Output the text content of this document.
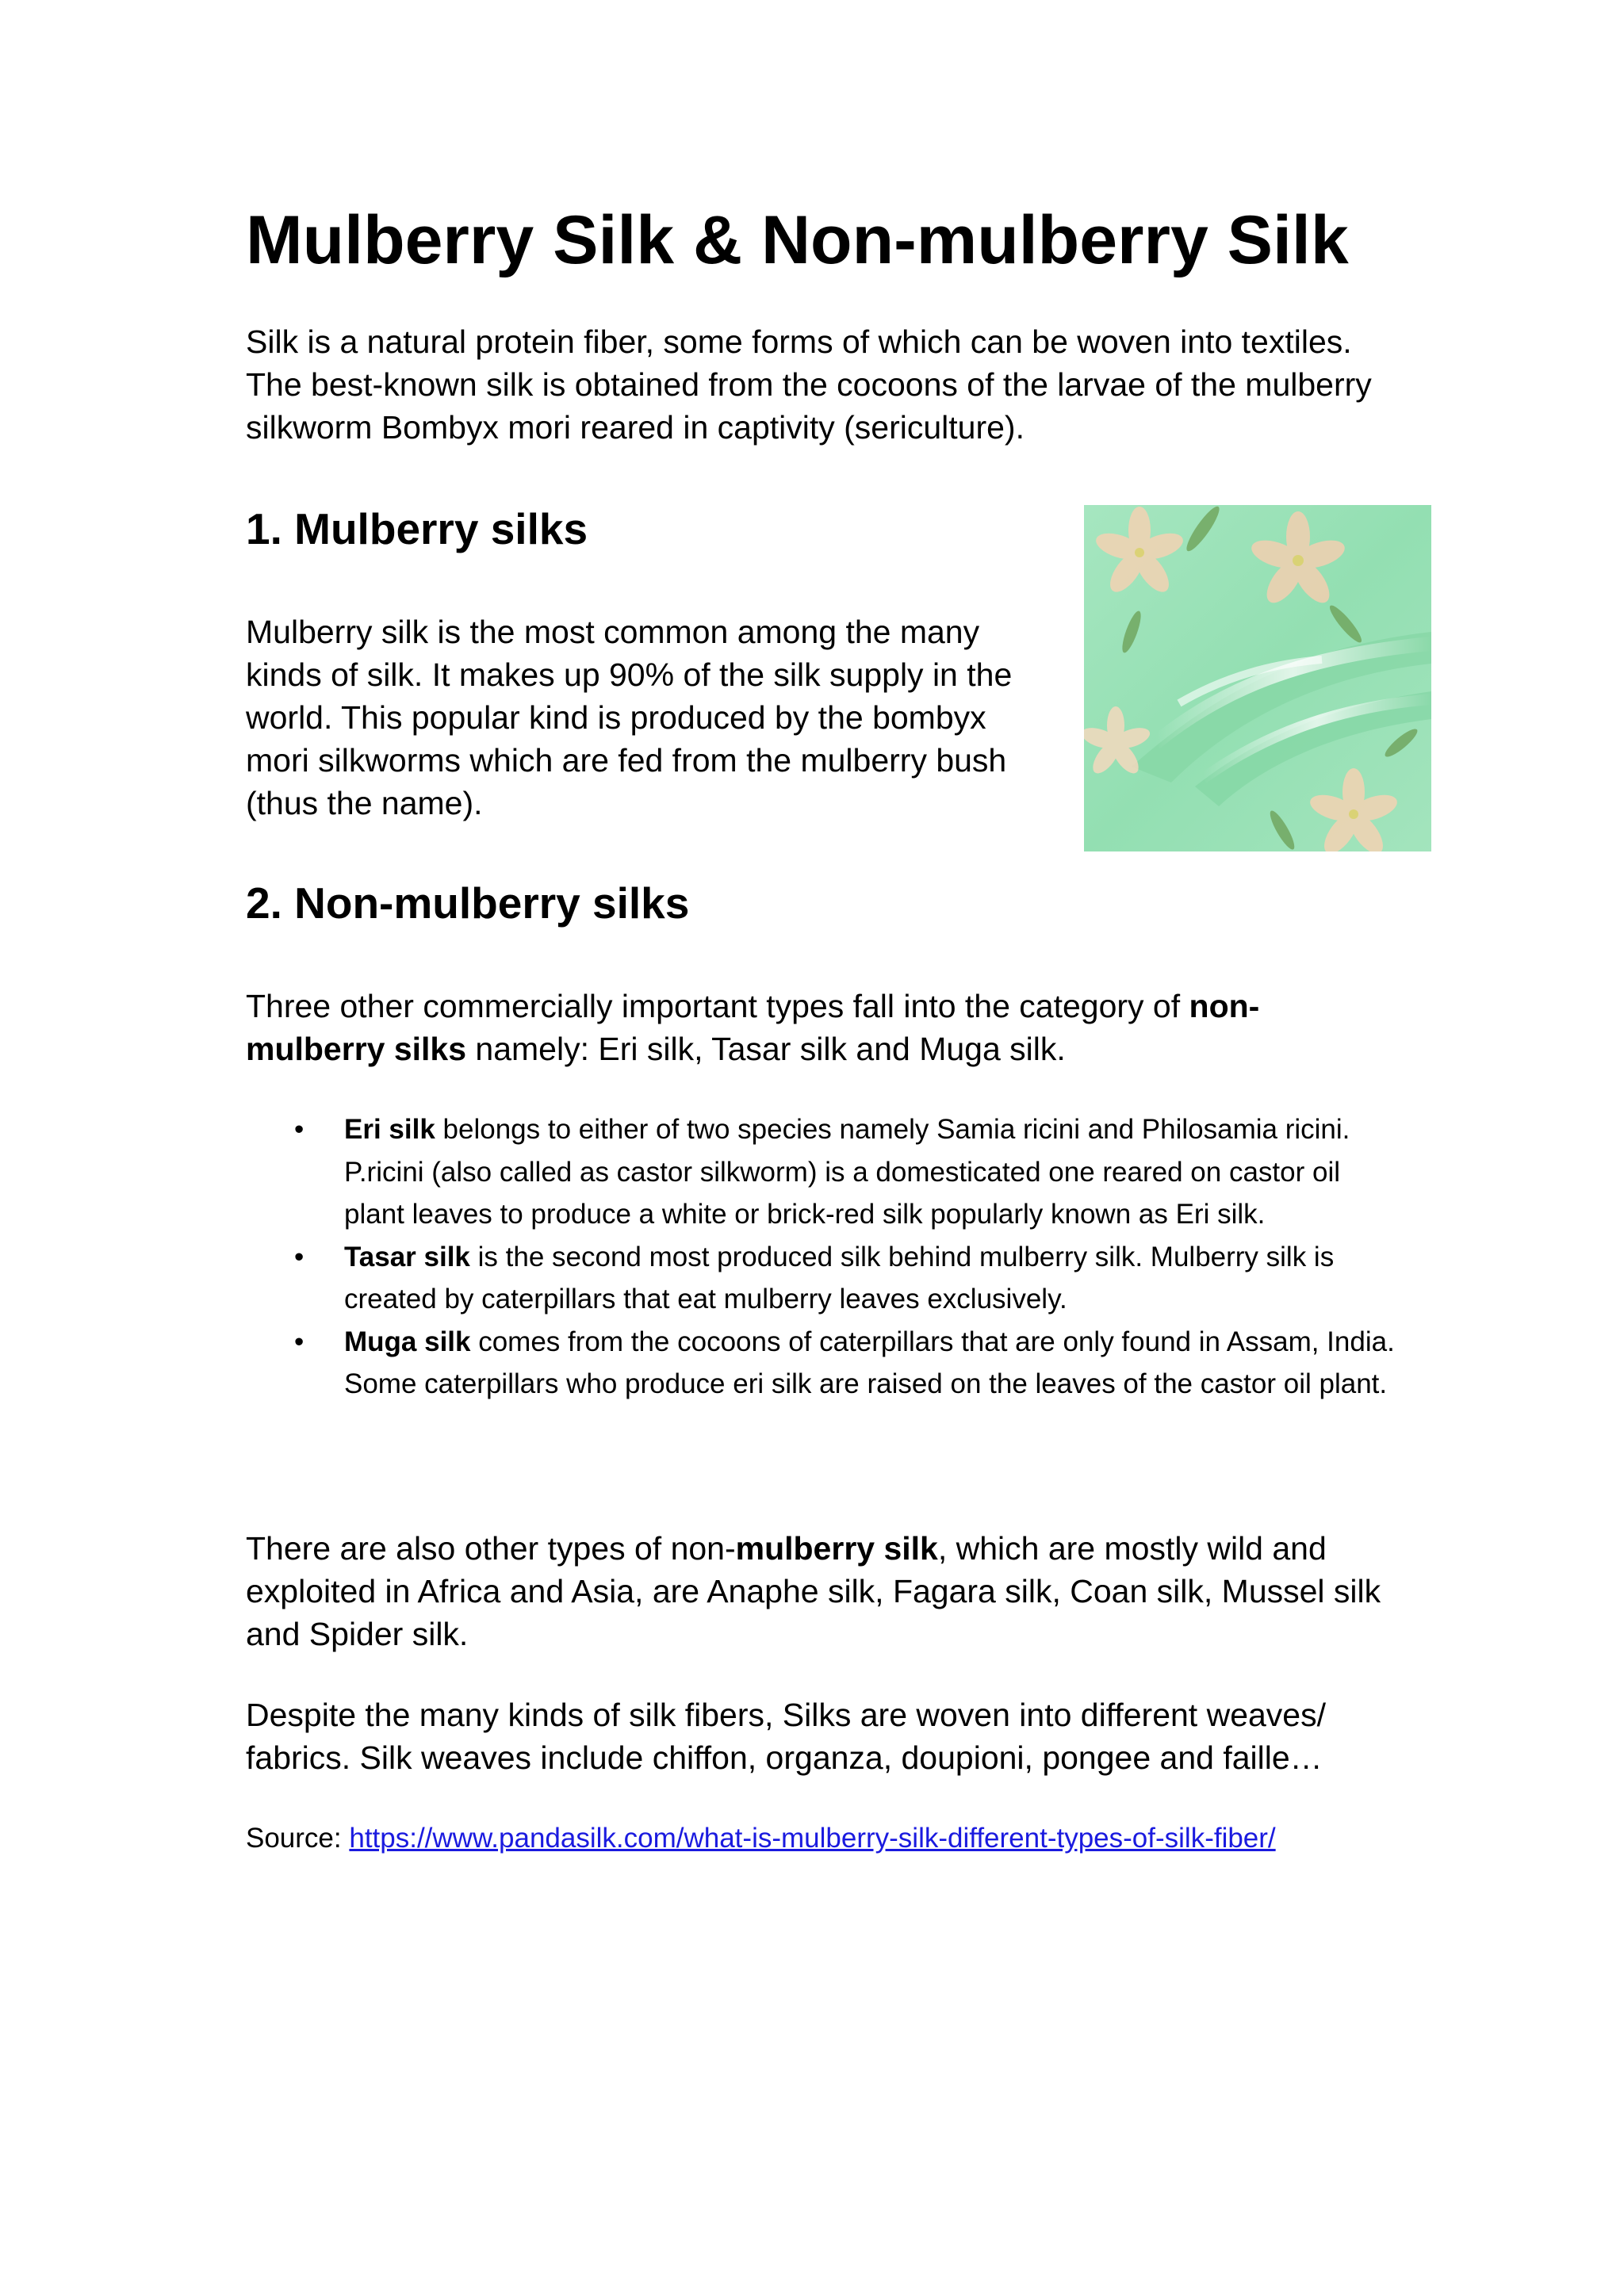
Mulberry Silk & Non-mulberry Silk

Silk is a natural protein fiber, some forms of which can be woven into textiles. The best-known silk is obtained from the cocoons of the larvae of the mulberry silkworm Bombyx mori reared in captivity (sericulture).

1. Mulberry silks

Mulberry silk is the most common among the many kinds of silk. It makes up 90% of the silk supply in the world. This popular kind is produced by the bombyx mori silkworms which are fed from the mulberry bush (thus the name).

2. Non-mulberry silks

Three other commercially important types fall into the category of non-mulberry silks namely: Eri silk, Tasar silk and Muga silk.

• Eri silk belongs to either of two species namely Samia ricini and Philosamia ricini. P.ricini (also called as castor silkworm) is a domesticated one reared on castor oil plant leaves to produce a white or brick-red silk popularly known as Eri silk.
• Tasar silk is the second most produced silk behind mulberry silk. Mulberry silk is created by caterpillars that eat mulberry leaves exclusively.
• Muga silk comes from the cocoons of caterpillars that are only found in Assam, India. Some caterpillars who produce eri silk are raised on the leaves of the castor oil plant.

There are also other types of non-mulberry silk, which are mostly wild and exploited in Africa and Asia, are Anaphe silk, Fagara silk, Coan silk, Mussel silk and Spider silk.

Despite the many kinds of silk fibers, Silks are woven into different weaves/ fabrics. Silk weaves include chiffon, organza, doupioni, pongee and faille…

Source: https://www.pandasilk.com/what-is-mulberry-silk-different-types-of-silk-fiber/
